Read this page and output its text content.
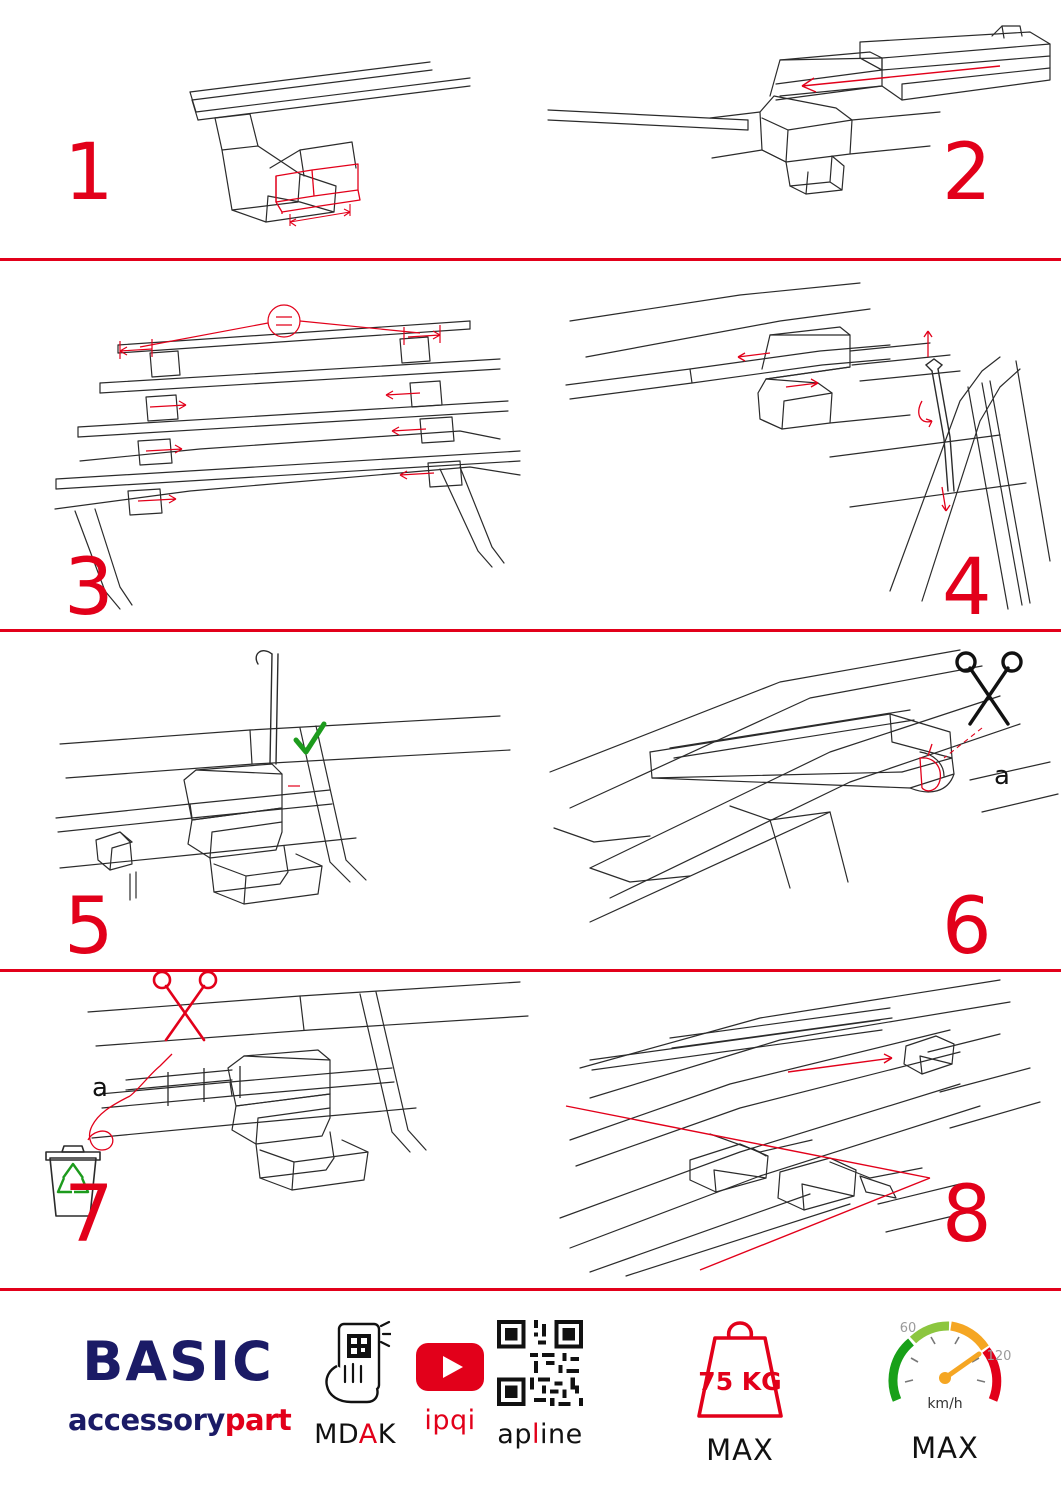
1	2
3	4
5
a
6
a
7	8
BASIC
accessorypart MDAK	ipqi apline
75 KG
MAX
60
120
km/h
MAX
